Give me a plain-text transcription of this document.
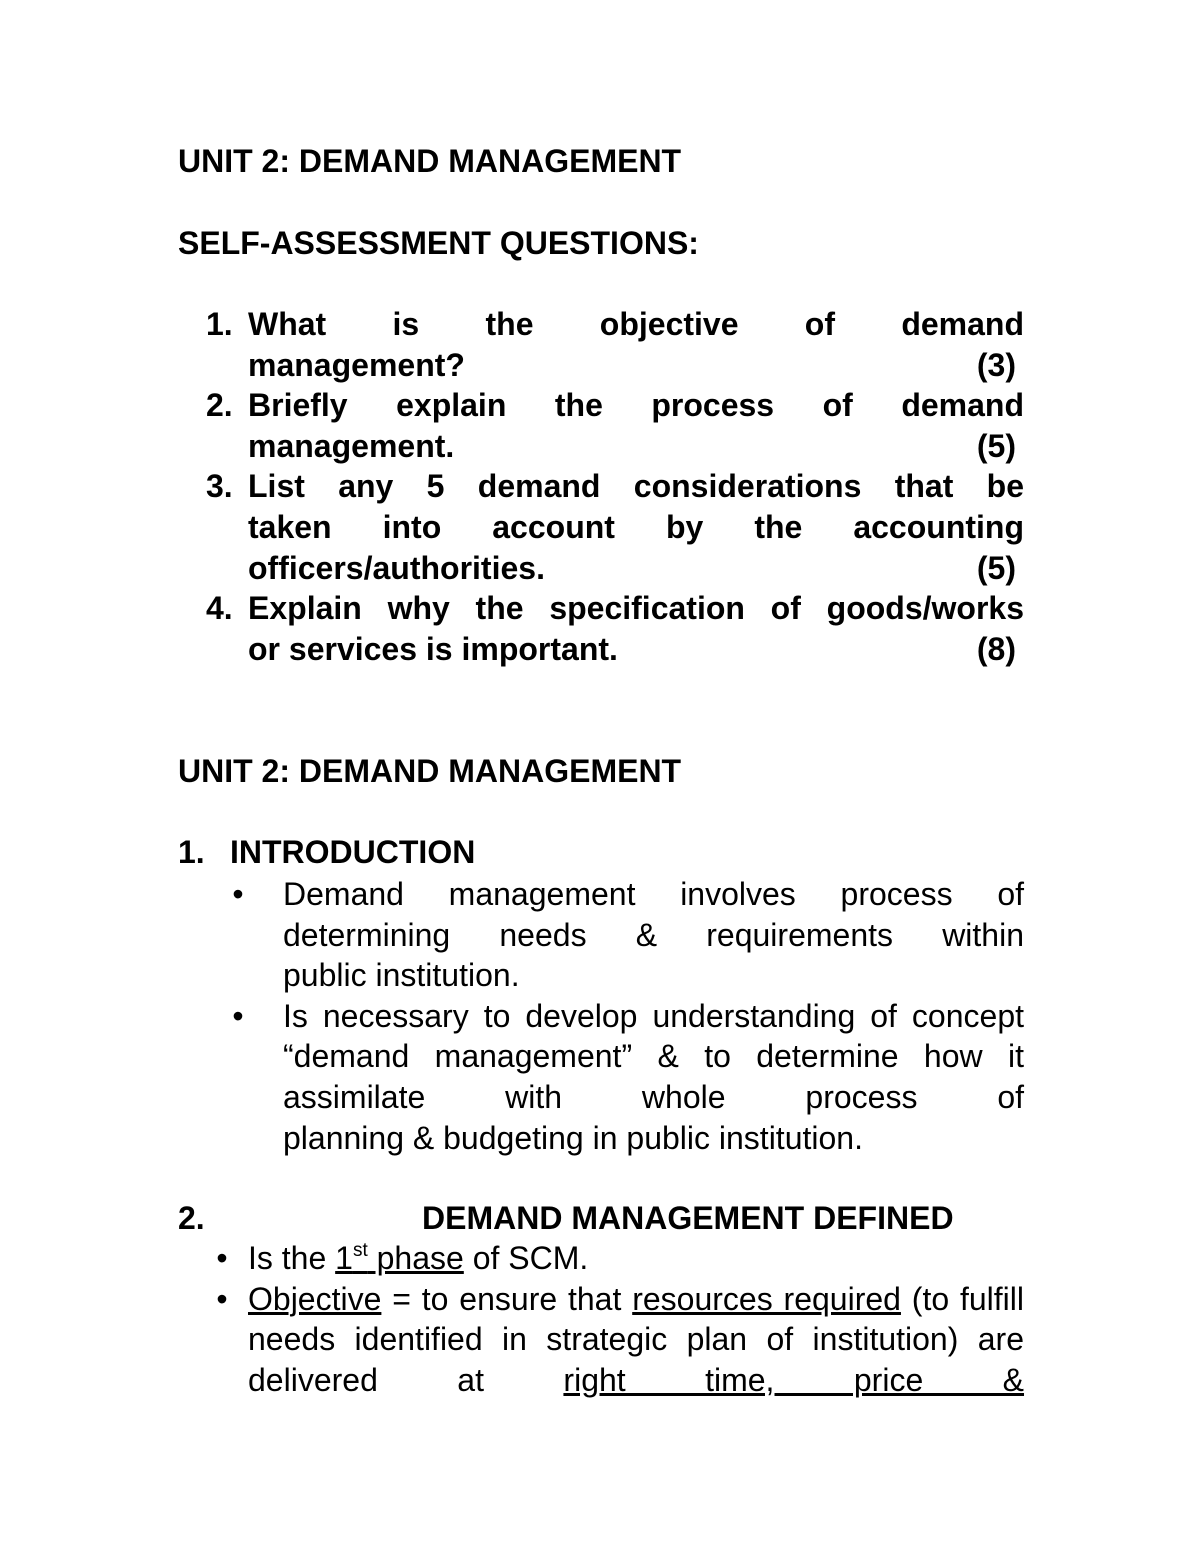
UNIT 2: DEMAND MANAGEMENT
SELF-ASSESSMENT QUESTIONS:
1. What is the objective of demand
management?	(3)
2. Briefly explain the process of demand
management.	(5)
3. List any 5 demand considerations that be
taken into account by the accounting
officers/authorities.	(5)
4. Explain why the specification of goods/works
or services is important.	(8)
UNIT 2: DEMAND MANAGEMENT
1. INTRODUCTION
• Demand management involves process of determining needs & requirements within
public institution.
• Is necessary to develop understanding of concept “demand management” & to determine how it assimilate with whole process of
planning & budgeting in public institution.
2.	DEMAND MANAGEMENT DEFINED
• Is the 1st phase of SCM.
• Objective = to ensure that resources required (to fulfill needs identified in strategic plan of institution) are delivered at right time, price &
